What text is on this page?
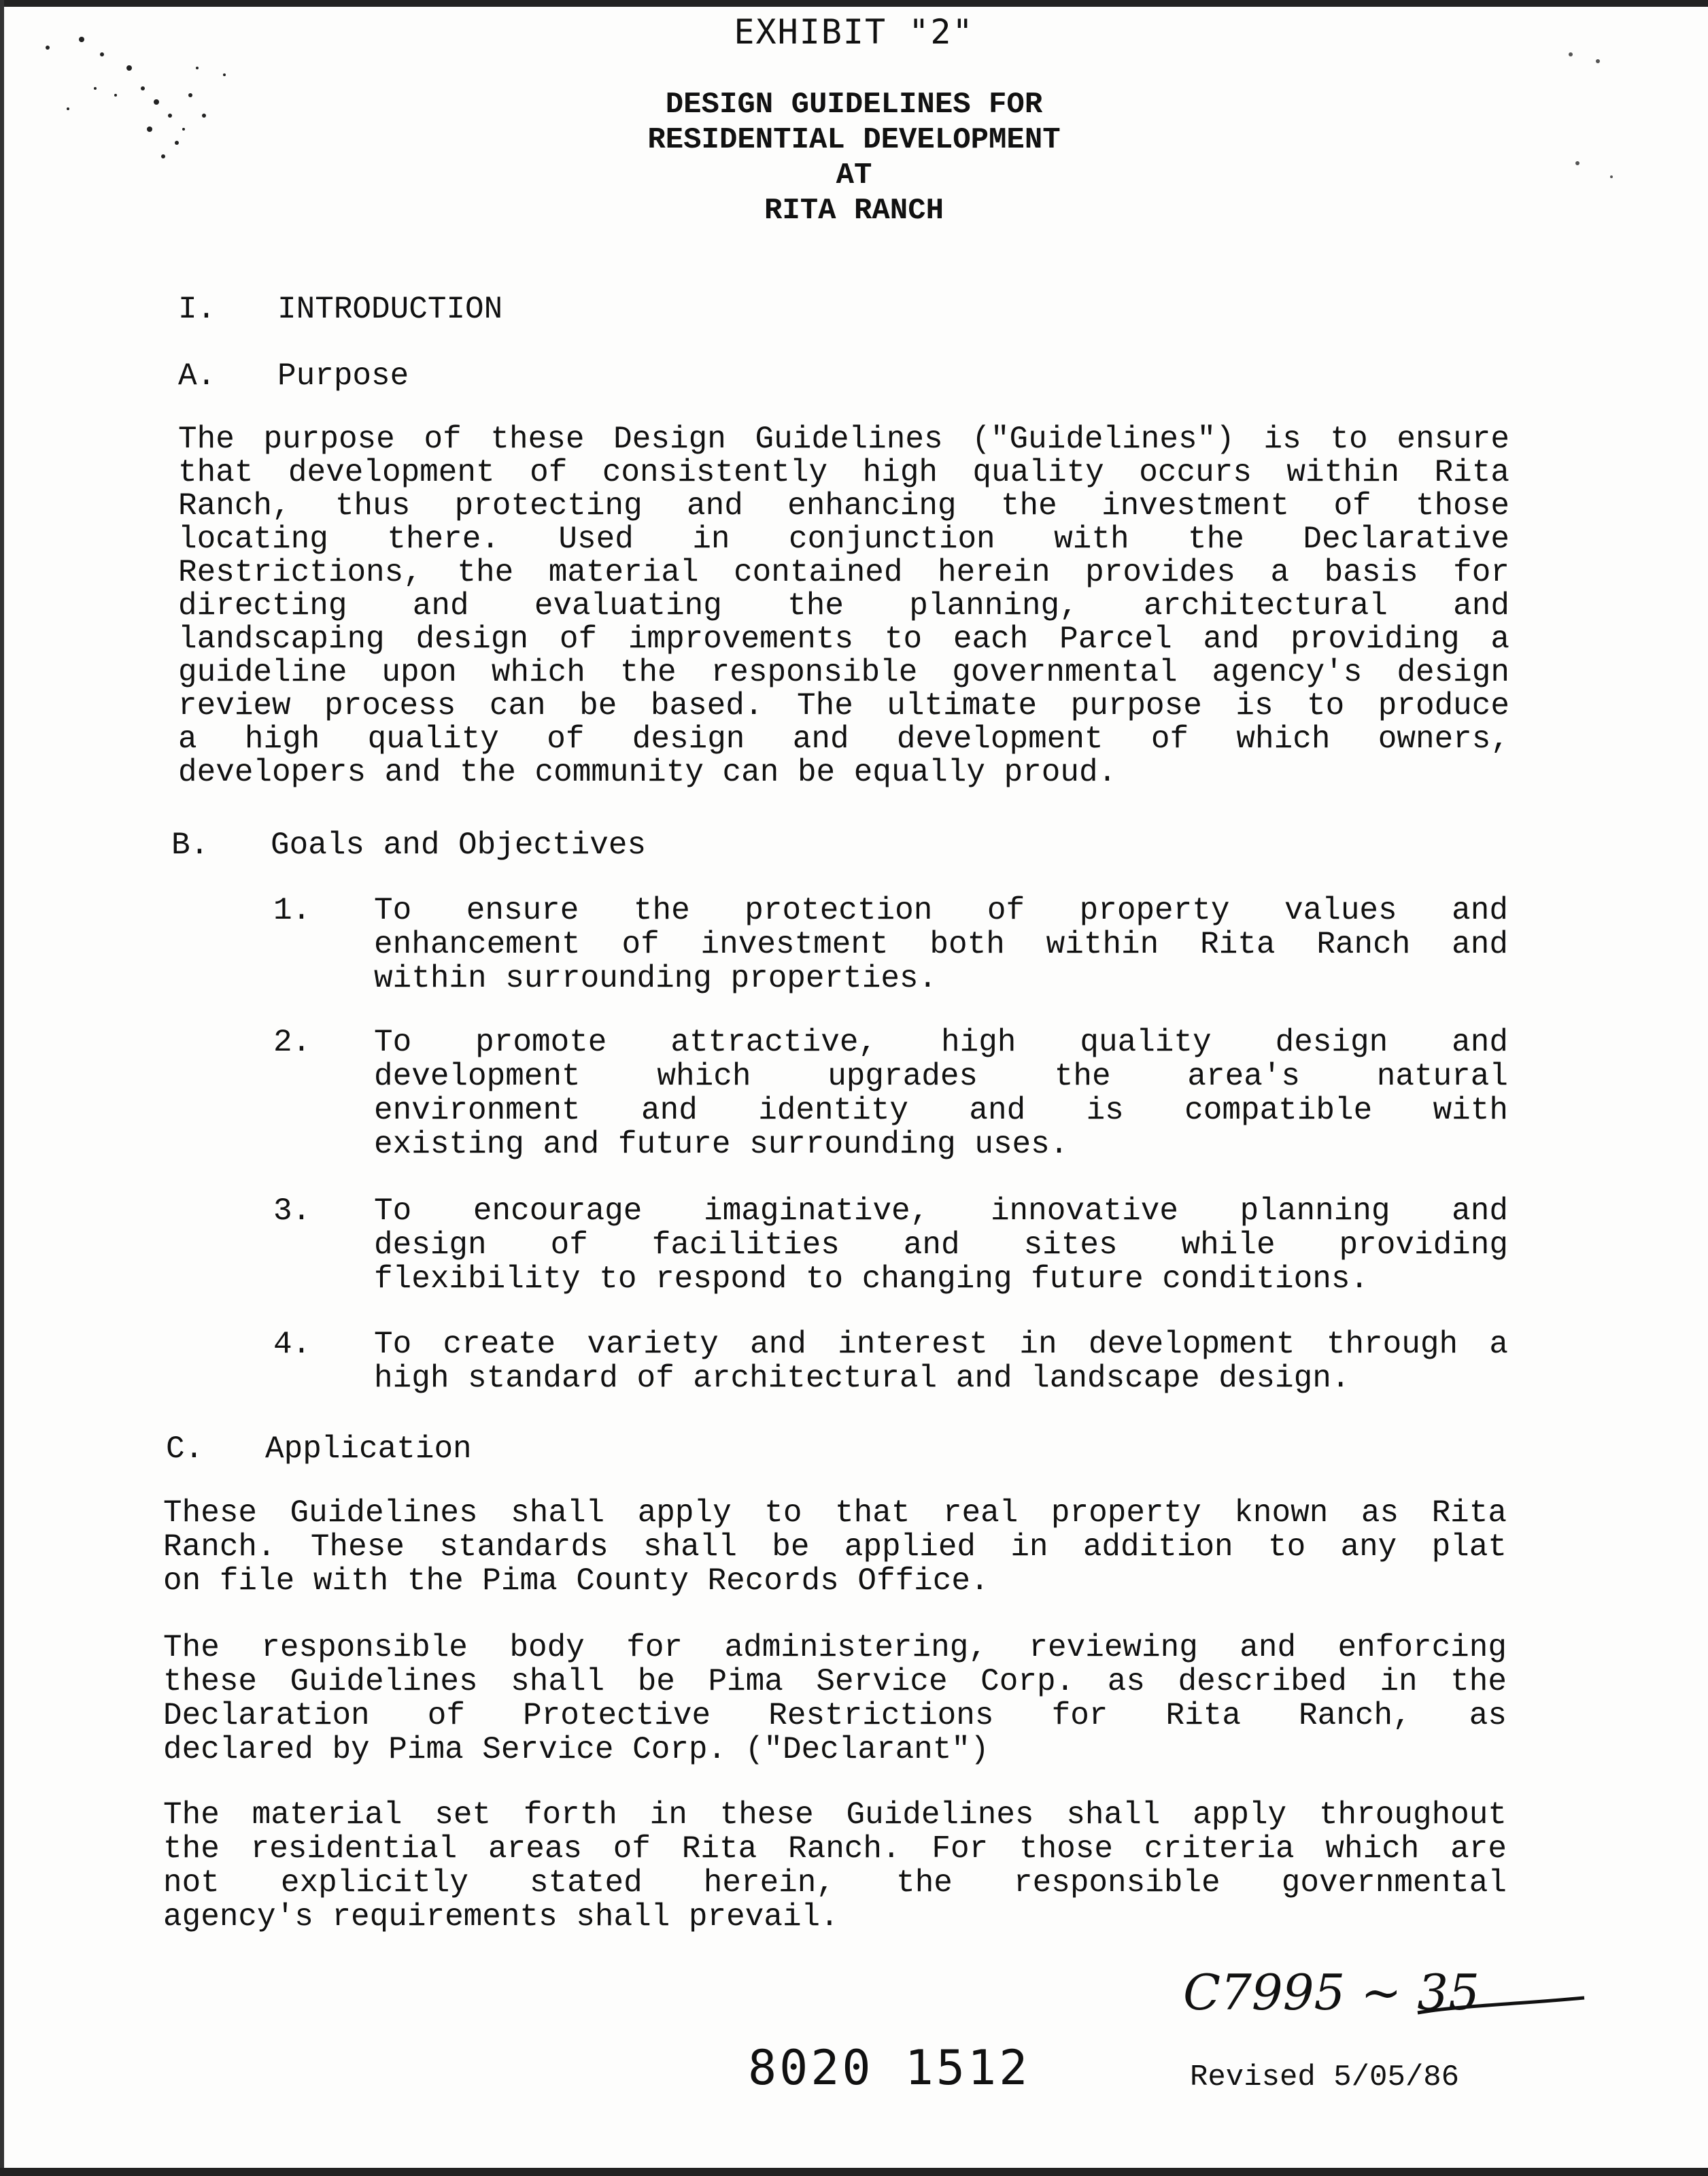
EXHIBIT "2"
DESIGN GUIDELINES FOR
RESIDENTIAL DEVELOPMENT
AT
RITA RANCH
I. INTRODUCTION
A. Purpose
The purpose of these Design Guidelines ("Guidelines") is to ensure
that development of consistently high quality occurs within Rita
Ranch, thus protecting and enhancing the investment of those
locating there. Used in conjunction with the Declarative
Restrictions, the material contained herein provides a basis for
directing and evaluating the planning, architectural and
landscaping design of improvements to each Parcel and providing a
guideline upon which the responsible governmental agency's design
review process can be based. The ultimate purpose is to produce
a high quality of design and development of which owners,
developers and the community can be equally proud.
B. Goals and Objectives
1. To ensure the protection of property values and
enhancement of investment both within Rita Ranch and
within surrounding properties.
2. To promote attractive, high quality design and
development which upgrades the area's natural
environment and identity and is compatible with
existing and future surrounding uses.
3. To encourage imaginative, innovative planning and
design of facilities and sites while providing
flexibility to respond to changing future conditions.
4. To create variety and interest in development through a
high standard of architectural and landscape design.
C. Application
These Guidelines shall apply to that real property known as Rita
Ranch. These standards shall be applied in addition to any plat
on file with the Pima County Records Office.
The responsible body for administering, reviewing and enforcing
these Guidelines shall be Pima Service Corp. as described in the
Declaration of Protective Restrictions for Rita Ranch, as
declared by Pima Service Corp. ("Declarant")
The material set forth in these Guidelines shall apply throughout
the residential areas of Rita Ranch. For those criteria which are
not explicitly stated herein, the responsible governmental
agency's requirements shall prevail.
C7995 ~ 35
8020 1512	Revised 5/05/86
